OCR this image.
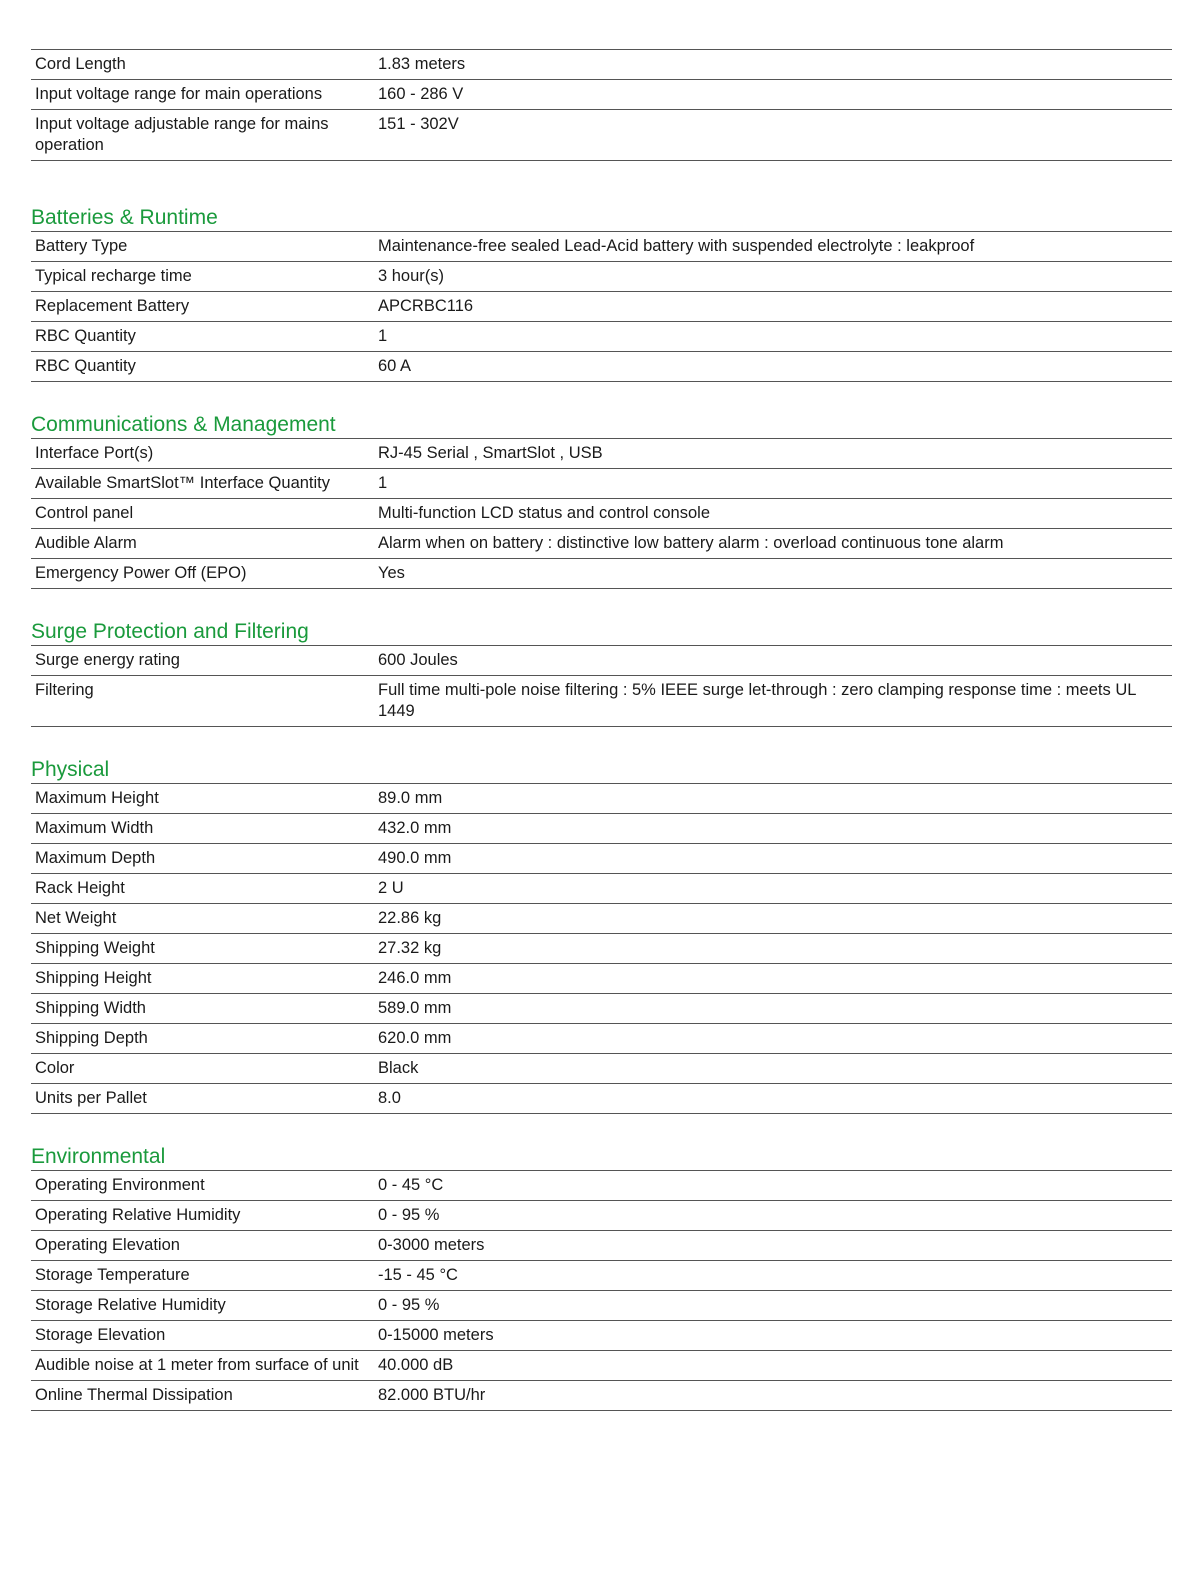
Cord Length	1.83 meters
Input voltage range for main operations	160 - 286 V
Input voltage adjustable range for mains operation	151 - 302V
Batteries & Runtime
Battery Type	Maintenance-free sealed Lead-Acid battery with suspended electrolyte : leakproof
Typical recharge time	3 hour(s)
Replacement Battery	APCRBC116
RBC Quantity	1
RBC Quantity	60 A
Communications & Management
Interface Port(s)	RJ-45 Serial , SmartSlot , USB
Available SmartSlot™ Interface Quantity	1
Control panel	Multi-function LCD status and control console
Audible Alarm	Alarm when on battery : distinctive low battery alarm : overload continuous tone alarm
Emergency Power Off (EPO)	Yes
Surge Protection and Filtering
Surge energy rating	600 Joules
Filtering	Full time multi-pole noise filtering : 5% IEEE surge let-through : zero clamping response time : meets UL 1449
Physical
Maximum Height	89.0 mm
Maximum Width	432.0 mm
Maximum Depth	490.0 mm
Rack Height	2 U
Net Weight	22.86 kg
Shipping Weight	27.32 kg
Shipping Height	246.0 mm
Shipping Width	589.0 mm
Shipping Depth	620.0 mm
Color	Black
Units per Pallet	8.0
Environmental
Operating Environment	0 - 45 °C
Operating Relative Humidity	0 - 95 %
Operating Elevation	0-3000 meters
Storage Temperature	-15 - 45 °C
Storage Relative Humidity	0 - 95 %
Storage Elevation	0-15000 meters
Audible noise at 1 meter from surface of unit	40.000 dB
Online Thermal Dissipation	82.000 BTU/hr
